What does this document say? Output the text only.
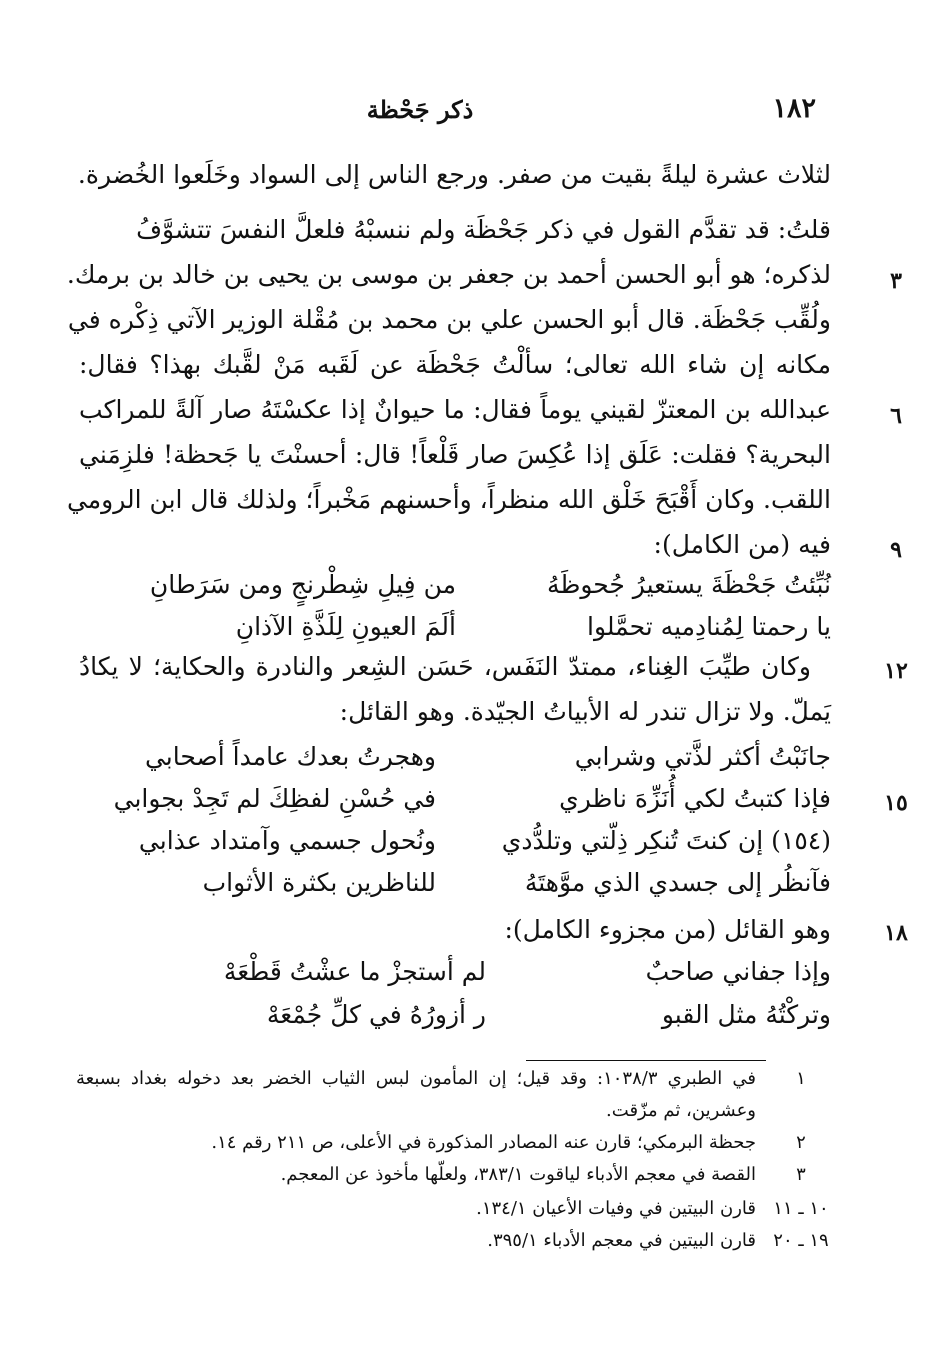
١٨٢
ذكر جَحْظة
لثلاث عشرة ليلةً بقيت من صفر. ورجع الناس إلى السواد وخَلَعوا الخُضرة.
قلتُ: قد تقدَّم القول في ذكر جَحْظَة ولم ننسبْهُ فلعلَّ النفسَ تتشوَّفُ
لذكره؛ هو أبو الحسن أحمد بن جعفر بن موسى بن يحيى بن خالد بن برمك.
ولُقِّب جَحْظَة. قال أبو الحسن علي بن محمد بن مُقْلة الوزير الآتي ذِكْره في
مكانه إن شاء الله تعالى؛ سألْتُ جَحْظَة عن لَقَبه مَنْ لقَّبك بهذا؟ فقال:
عبدالله بن المعتزّ لقيني يوماً فقال: ما حيوانٌ إذا عكسْتَهُ صار آلةً للمراكب
البحرية؟ فقلت: عَلَق إذا عُكِسَ صار قَلْعاً! قال: أحسنْتَ يا جَحظة! فلزِمَني
اللقب. وكان أَقْبَحَ خَلْق الله منظراً، وأحسنهم مَخْبراً؛ ولذلك قال ابن الرومي
فيه (من الكامل):
نُبِّئتُ جَحْظَةَ يستعيرُ جُحوظَهُ
من فِيلِ شِطْرنجٍ ومن سَرَطانِ
يا رحمتا لِمُنادِميه تحمَّلوا
ألَمَ العيونِ لِلَذَّةِ الآذانِ
وكان طيِّبَ الغِناء، ممتدّ النَفَس، حَسَن الشِعر والنادرة والحكاية؛ لا يكادُ
يَملّ. ولا تزال تندر له الأبياتُ الجيّدة. وهو القائل:
جانَبْتُ أكثر لذَّتي وشرابي
وهجرتُ بعدك عامداً أصحابي
فإذا كتبتُ لكي أُنَزِّهَ ناظري
في حُسْنِ لفظِكَ لم تَجِدْ بجوابي
(١٥٤) إن كنتَ تُنكِر ذِلّتي وتلدُّدي
ونُحول جسمي وآمتداد عذابي
فآنظُر إلى جسدي الذي موَّهتَهُ
للناظرين بكثرة الأثواب
وهو القائل (من مجزوء الكامل):
وإذا جفاني صاحبٌ
لم أستجزْ ما عشْتُ قَطْعَهْ
وتركْتُهُ مثل القبو
ر أزورُهُ في كلِّ جُمْعَهْ
٣
٦
٩
١٢
١٥
١٨
١
في الطبري ١٠٣٨/٣: وقد قيل؛ إن المأمون لبس الثياب الخضر بعد دخوله بغداد بسبعة
وعشرين، ثم مزّقت.
٢
جحظة البرمكي؛ قارن عنه المصادر المذكورة في الأعلى، ص ٢١١ رقم ١٤.
٣
القصة في معجم الأدباء لياقوت ٣٨٣/١، ولعلّها مأخوذ عن المعجم.
١٠ ـ ١١
قارن البيتين في وفيات الأعيان ١٣٤/١.
١٩ ـ ٢٠
قارن البيتين في معجم الأدباء ٣٩٥/١.
